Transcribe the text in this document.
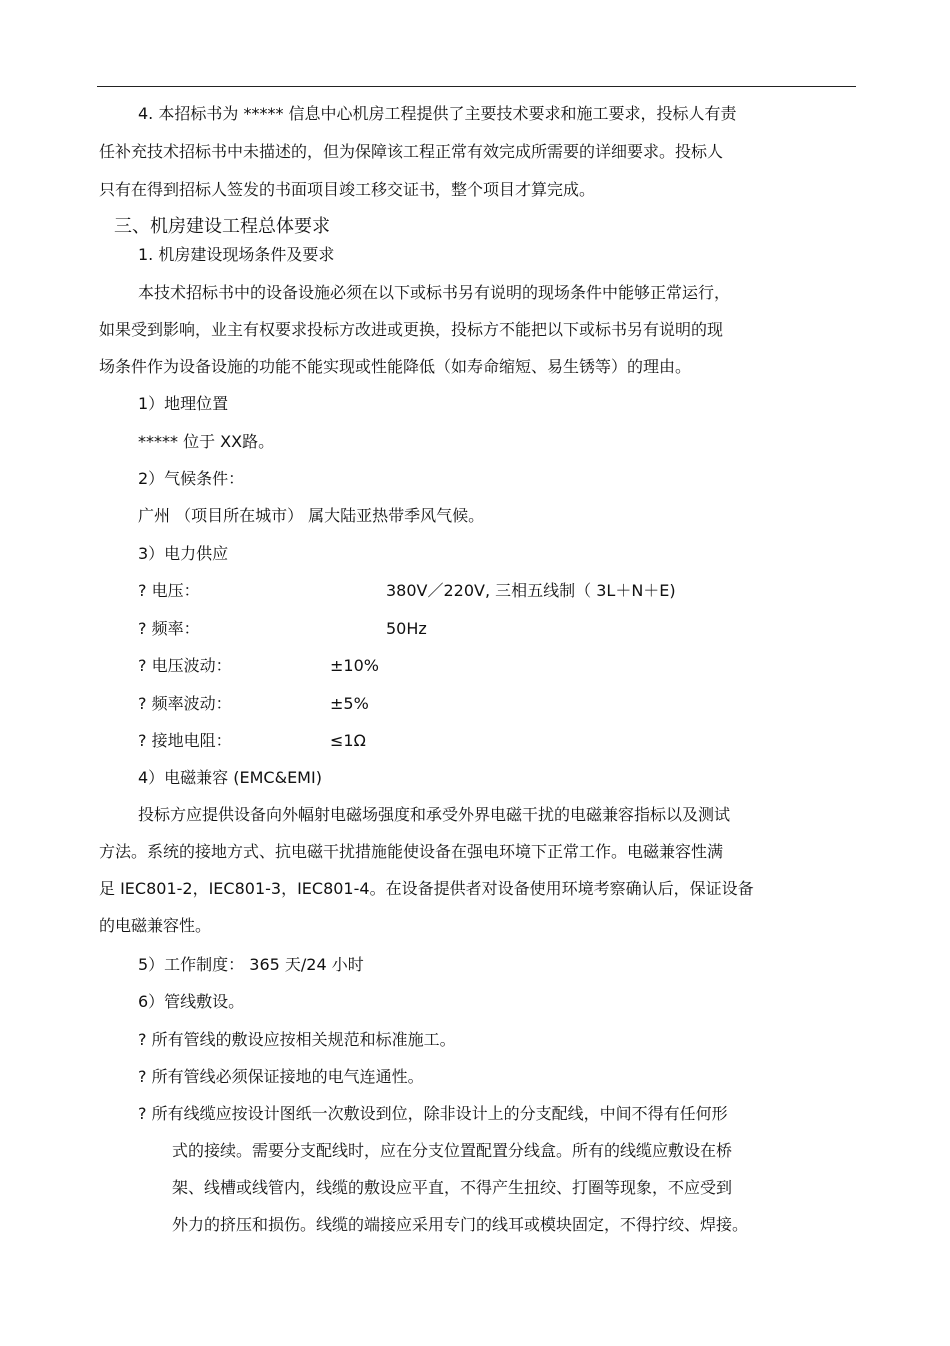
4. 本招标书为 ***** 信息中心机房工程提供了主要技术要求和施工要求，投标人有责
任补充技术招标书中未描述的，但为保障该工程正常有效完成所需要的详细要求。投标人
只有在得到招标人签发的书面项目竣工移交证书，整个项目才算完成。
三、机房建设工程总体要求
1. 机房建设现场条件及要求
本技术招标书中的设备设施必须在以下或标书另有说明的现场条件中能够正常运行，
如果受到影响，业主有权要求投标方改进或更换，投标方不能把以下或标书另有说明的现
场条件作为设备设施的功能不能实现或性能降低（如寿命缩短、易生锈等）的理由。
1）地理位置
***** 位于 XX路。
2）气候条件：
广州 （项目所在城市） 属大陆亚热带季风气候。
3）电力供应
? 电压：	380V／220V, 三相五线制（ 3L＋N＋E)
? 频率：	50Hz
? 电压波动：	±10%
? 频率波动：	±5%
? 接地电阻：	≤1Ω
4）电磁兼容 (EMC&EMI)
投标方应提供设备向外幅射电磁场强度和承受外界电磁干扰的电磁兼容指标以及测试
方法。系统的接地方式、抗电磁干扰措施能使设备在强电环境下正常工作。电磁兼容性满
足 IEC801-2，IEC801-3，IEC801-4。在设备提供者对设备使用环境考察确认后，保证设备
的电磁兼容性。
5）工作制度： 365 天/24 小时
6）管线敷设。
? 所有管线的敷设应按相关规范和标准施工。
? 所有管线必须保证接地的电气连通性。
? 所有线缆应按设计图纸一次敷设到位，除非设计上的分支配线，中间不得有任何形
式的接续。需要分支配线时，应在分支位置配置分线盒。所有的线缆应敷设在桥
架、线槽或线管内，线缆的敷设应平直，不得产生扭绞、打圈等现象，不应受到
外力的挤压和损伤。线缆的端接应采用专门的线耳或模块固定，不得拧绞、焊接。
